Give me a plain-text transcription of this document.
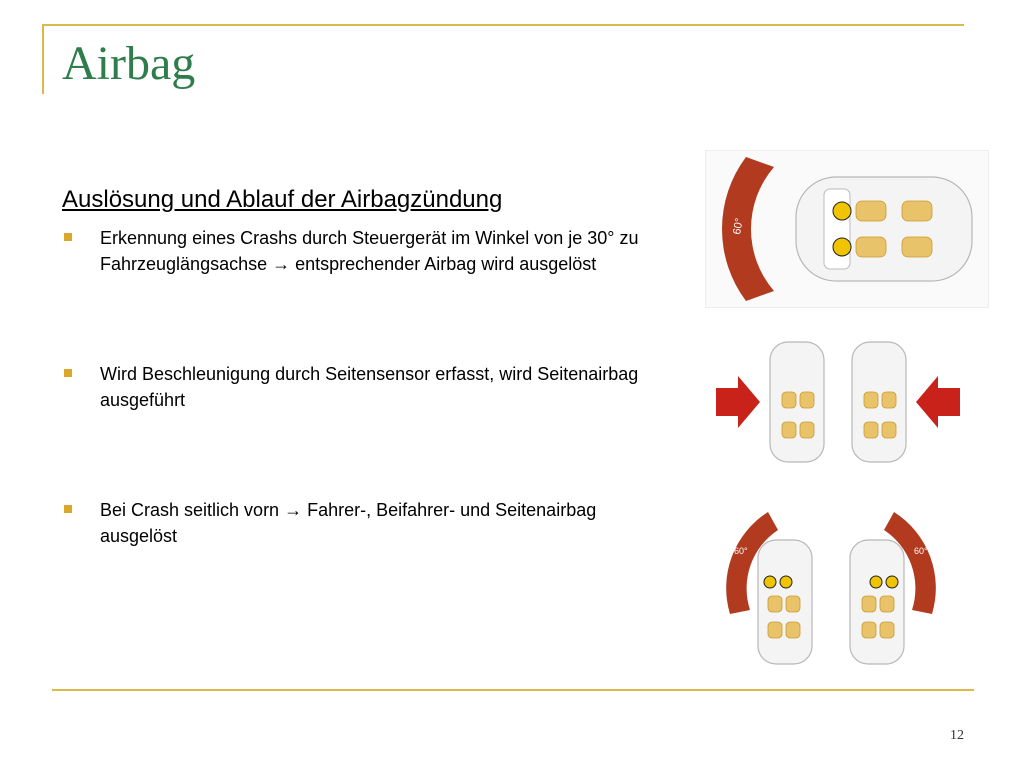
Airbag
Auslösung und Ablauf der Airbagzündung
Erkennung eines Crashs durch Steuergerät im Winkel von je 30° zu Fahrzeuglängsachse → entsprechender Airbag wird ausgelöst
Wird Beschleunigung durch Seitensensor erfasst, wird Seitenairbag ausgeführt
Bei Crash seitlich vorn → Fahrer-, Beifahrer- und Seitenairbag ausgelöst
60°
60°	60°
12
